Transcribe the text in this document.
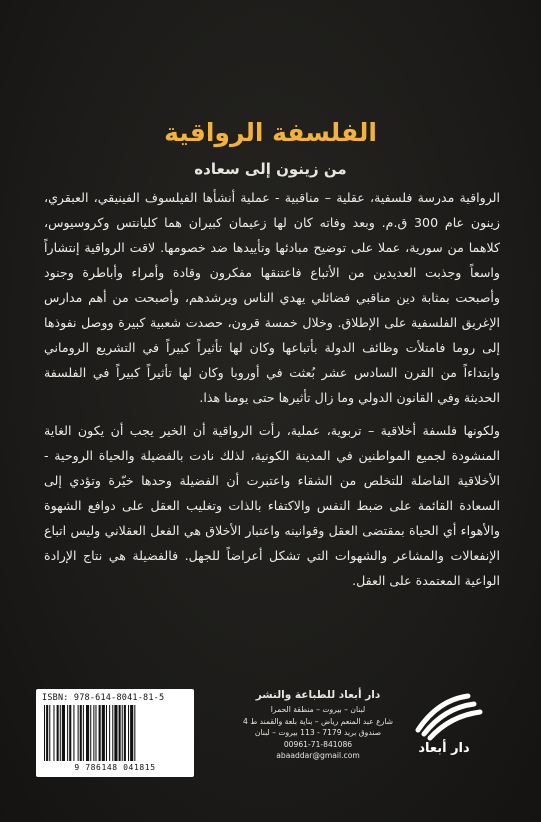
الفلسفة الرواقية
من زينون إلى سعاده

الرواقية مدرسة فلسفية، عقلية – مناقبية - عملية أنشأها الفيلسوف الفينيقي، العبقري، زينون عام 300 ق.م. وبعد وفاته كان لها زعيمان كبيران هما كليانتس وكروسيوس، كلاهما من سورية، عملا على توضيح مبادئها وتأييدها ضد خصومها. لاقت الرواقية إنتشاراً واسعاً وجذبت العديدين من الأتباع فاعتنقها مفكرون وقادة وأمراء وأباطرة وجنود وأصبحت بمثابة دين مناقبي فضائلي يهدي الناس ويرشدهم، وأصبحت من أهم مدارس الإغريق الفلسفية على الإطلاق. وخلال خمسة قرون، حصدت شعبية كبيرة ووصل نفوذها إلى روما فامتلأت وظائف الدولة بأتباعها وكان لها تأثيراً كبيراً في التشريع الروماني وابتداءاً من القرن السادس عشر بُعثت في أوروبا وكان لها تأثيراً كبيراً في الفلسفة الحديثة وفي القانون الدولي وما زال تأثيرها حتى يومنا هذا.

ولكونها فلسفة أخلاقية – تربوية، عملية، رأت الرواقية أن الخير يجب أن يكون الغاية المنشودة لجميع المواطنين في المدينة الكونية، لذلك نادت بالفضيلة والحياة الروحية - الأخلاقية الفاضلة للتخلص من الشقاء واعتبرت أن الفضيلة وحدها خيّرة وتؤدي إلى السعادة القائمة على ضبط النفس والاكتفاء بالذات وتغليب العقل على دوافع الشهوة والأهواء أي الحياة بمقتضى العقل وقوانينه واعتبار الأخلاق هي الفعل العقلاني وليس اتباع الإنفعالات والمشاعر والشهوات التي تشكل أعراضاً للجهل. فالفضيلة هي نتاج الإرادة الواعية المعتمدة على العقل.

ISBN: 978-614-8041-81-5
9 786148 041815
دار أبعاد للطباعة والنشر
لبنان – بيروت – منطقة الحمرا
شارع عبد المنعم رياض – بناية بلعة والقمند ط 4
صندوق بريد 7179 - 113 بيروت – لبنان
00961-71-841086
abaaddar@gmail.com	دار أبعاد
